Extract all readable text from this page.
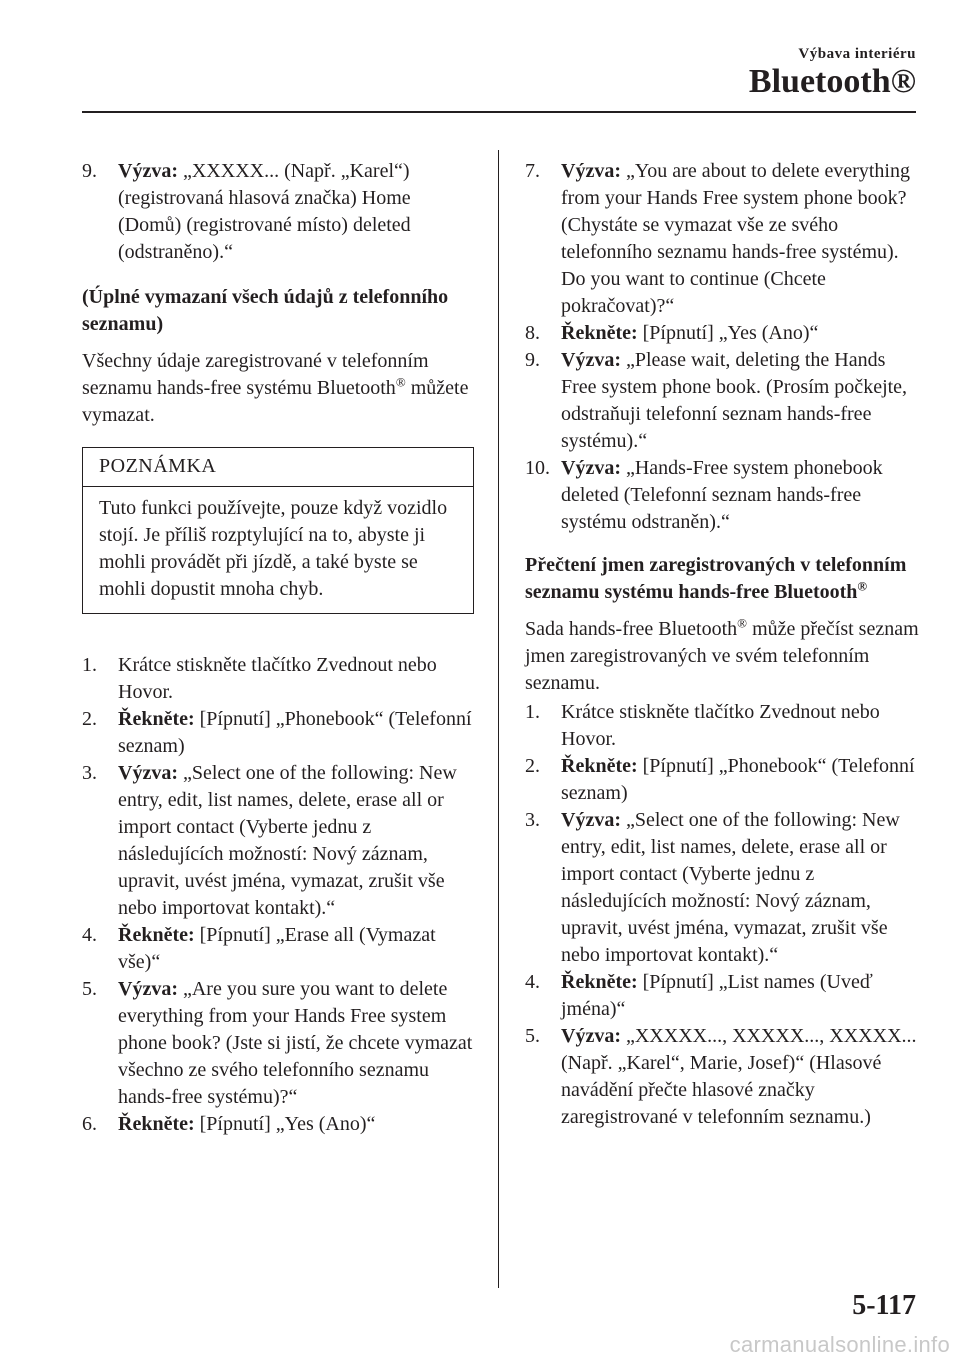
Výbava interiéru
Bluetooth®

9. Výzva: „XXXXX... (Např. „Karel“) (registrovaná hlasová značka) Home (Domů) (registrované místo) deleted (odstraněno).“

(Úplné vymazaní všech údajů z telefonního seznamu)

Všechny údaje zaregistrované v telefonním seznamu hands-free systému Bluetooth® můžete vymazat.

POZNÁMKA
Tuto funkci používejte, pouze když vozidlo stojí. Je příliš rozptylující na to, abyste ji mohli provádět při jízdě, a také byste se mohli dopustit mnoha chyb.

1. Krátce stiskněte tlačítko Zvednout nebo Hovor.

2. Řekněte: [Pípnutí] „Phonebook“ (Telefonní seznam)

3. Výzva: „Select one of the following: New entry, edit, list names, delete, erase all or import contact (Vyberte jednu z následujících možností: Nový záznam, upravit, uvést jména, vymazat, zrušit vše nebo importovat kontakt).“

4. Řekněte: [Pípnutí] „Erase all (Vymazat vše)“

5. Výzva: „Are you sure you want to delete everything from your Hands Free system phone book? (Jste si jistí, že chcete vymazat všechno ze svého telefonního seznamu hands-free systému)?“

6. Řekněte: [Pípnutí] „Yes (Ano)“

7. Výzva: „You are about to delete everything from your Hands Free system phone book? (Chystáte se vymazat vše ze svého telefonního seznamu hands-free systému). Do you want to continue (Chcete pokračovat)?“

8. Řekněte: [Pípnutí] „Yes (Ano)“

9. Výzva: „Please wait, deleting the Hands Free system phone book. (Prosím počkejte, odstraňuji telefonní seznam hands-free systému).“

10. Výzva: „Hands-Free system phonebook deleted (Telefonní seznam hands-free systému odstraněn).“

Přečtení jmen zaregistrovaných v telefonním seznamu systému hands-free Bluetooth®

Sada hands-free Bluetooth® může přečíst seznam jmen zaregistrovaných ve svém telefonním seznamu.

1. Krátce stiskněte tlačítko Zvednout nebo Hovor.

2. Řekněte: [Pípnutí] „Phonebook“ (Telefonní seznam)

3. Výzva: „Select one of the following: New entry, edit, list names, delete, erase all or import contact (Vyberte jednu z následujících možností: Nový záznam, upravit, uvést jména, vymazat, zrušit vše nebo importovat kontakt).“

4. Řekněte: [Pípnutí] „List names (Uveď jména)“

5. Výzva: „XXXXX..., XXXXX..., XXXXX... (Např. „Karel“, Marie, Josef)“ (Hlasové navádění přečte hlasové značky zaregistrované v telefonním seznamu.)

5-117
carmanualsonline.info
